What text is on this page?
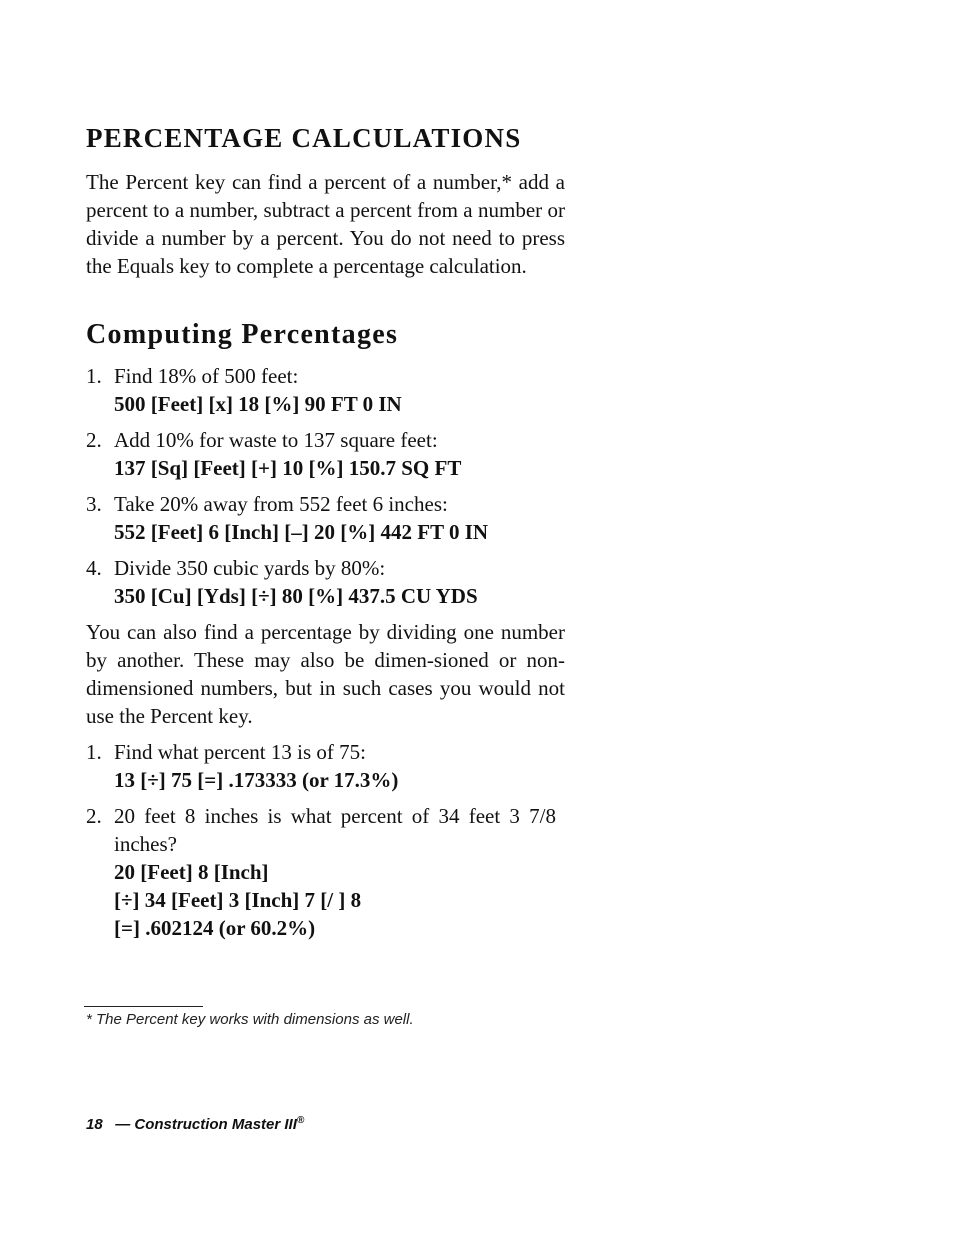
PERCENTAGE CALCULATIONS

The Percent key can find a percent of a number,* add a percent to a number, subtract a percent from a number or divide a number by a percent. You do not need to press the Equals key to complete a percentage calculation.

Computing Percentages
1. Find 18% of 500 feet:
500 [Feet] [x] 18 [%] 90 FT 0 IN
2. Add 10% for waste to 137 square feet:
137 [Sq] [Feet] [+] 10 [%] 150.7 SQ FT
3. Take 20% away from 552 feet 6 inches:
552 [Feet] 6 [Inch] [–] 20 [%] 442 FT 0 IN
4. Divide 350 cubic yards by 80%:
350 [Cu] [Yds] [÷] 80 [%] 437.5 CU YDS

You can also find a percentage by dividing one number by another. These may also be dimen-sioned or non-dimensioned numbers, but in such cases you would not use the Percent key.

1. Find what percent 13 is of 75:
13 [÷] 75 [=] .173333 (or 17.3%)
2. 20 feet 8 inches is what percent of 34 feet 3 7/8 inches?
20 [Feet] 8 [Inch]
[÷] 34 [Feet] 3 [Inch] 7 [/ ] 8
[=] .602124 (or 60.2%)

* The Percent key works with dimensions as well.

18 — Construction Master III®
